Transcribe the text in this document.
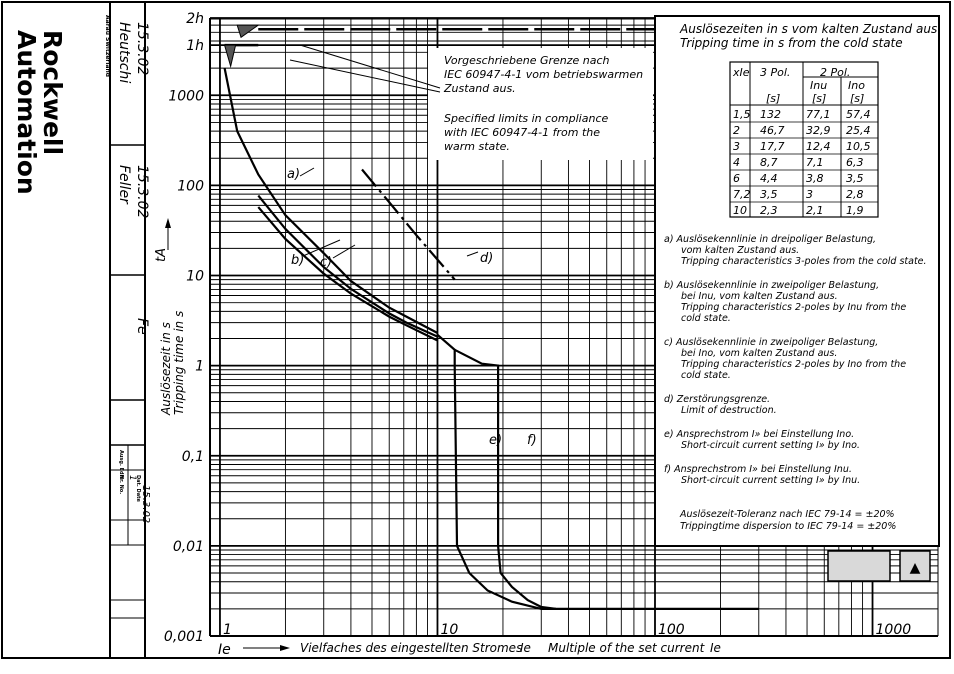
Rockwell
Automation	Aarau Switzerland 15.3.02
Heutschi
15.3.02
Feller
Fe
Ausg. Edit
Nr. No. 1
Dat. Date 15.3.02
2h
1h
1000
100
10
1
0,1
0,01
0,001 1	10	100	1000
Auslösezeit in s Tripping time in s
tA
Ie	Vielfaches des eingestellten Stromes
Ie Multiple of the set current Ie
Vorgeschriebene Grenze nach
IEC 60947-4-1 vom betriebswarmen
Zustand aus.
Specified limits in compliance
with IEC 60947-4-1 from the
warm state.
a)
b) c)	d)
e) f)
Auslösezeiten in s vom kalten Zustand aus
Tripping time in s from the cold state
xIe 3 Pol.	2 Pol.
Inu Ino
[s]	[s] [s]
1,5 132 77,1 57,4
2 46,7 32,9 25,4
3 17,7 12,4 10,5
4 8,7	7,1 6,3
6 4,4	3,8 3,5
7,2 3,5	3	2,8
10 2,3	2,1 1,9
a) Auslösekennlinie in dreipoliger Belastung,
vom kalten Zustand aus.
Tripping characteristics 3-poles from the cold state.
b) Auslösekennlinie in zweipoliger Belastung,
bei Inu, vom kalten Zustand aus.
Tripping characteristics 2-poles by Inu from the
cold state.
c) Auslösekennlinie in zweipoliger Belastung,
bei Ino, vom kalten Zustand aus.
Tripping characteristics 2-poles by Ino from the
cold state.
d) Zerstörungsgrenze.
Limit of destruction.
e) Ansprechstrom I» bei Einstellung Ino.
Short-circuit current setting I» by Ino.
f) Ansprechstrom I» bei Einstellung Inu.
Short-circuit current setting I» by Inu.
Auslösezeit-Toleranz nach IEC 79-14 = ±20%
Trippingtime dispersion to IEC 79-14 = ±20%
▲
